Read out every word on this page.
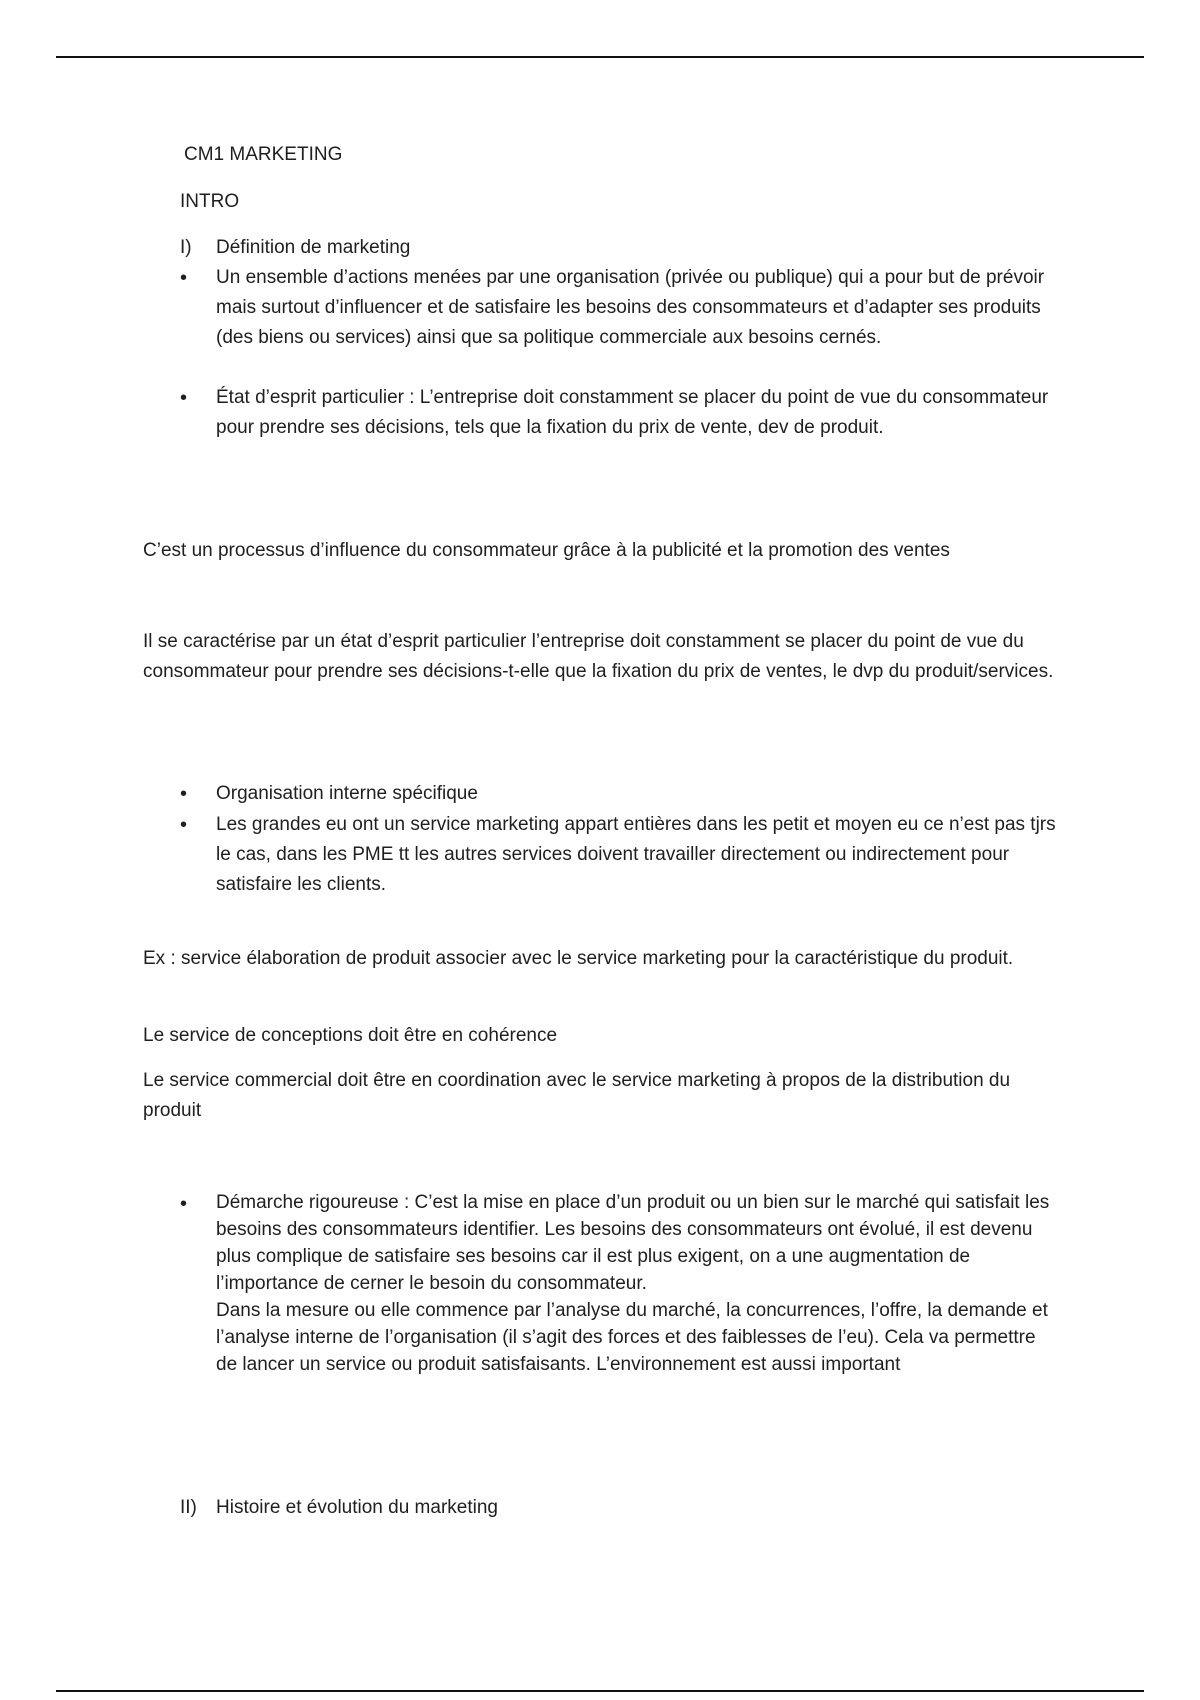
CM1 MARKETING
INTRO
I)	Définition de marketing
•	Un ensemble d’actions menées par une organisation (privée ou publique) qui a pour but de prévoir mais surtout d’influencer et de satisfaire les besoins des consommateurs et d’adapter ses produits (des biens ou services) ainsi que sa politique commerciale aux besoins cernés.
•	État d’esprit particulier : L’entreprise doit constamment se placer du point de vue du consommateur pour prendre ses décisions, tels que la fixation du prix de vente, dev de produit.

C’est un processus d’influence du consommateur grâce à la publicité et la promotion des ventes

Il se caractérise par un état d’esprit particulier l’entreprise doit constamment se placer du point de vue du consommateur pour prendre ses décisions-t-elle que la fixation du prix de ventes, le dvp du produit/services.

•	Organisation interne spécifique
•	Les grandes eu ont un service marketing appart entières dans les petit et moyen eu ce n’est pas tjrs le cas, dans les PME tt les autres services doivent travailler directement ou indirectement pour satisfaire les clients.

Ex : service élaboration de produit associer avec le service marketing pour la caractéristique du produit.

Le service de conceptions doit être en cohérence

Le service commercial doit être en coordination avec le service marketing à propos de la distribution du produit

•	Démarche rigoureuse : C’est la mise en place d’un produit ou un bien sur le marché qui satisfait les besoins des consommateurs identifier. Les besoins des consommateurs ont évolué, il est devenu plus complique de satisfaire ses besoins car il est plus exigent, on a une augmentation de l’importance de cerner le besoin du consommateur.
Dans la mesure ou elle commence par l’analyse du marché, la concurrences, l’offre, la demande et l’analyse interne de l’organisation (il s’agit des forces et des faiblesses de l’eu). Cela va permettre de lancer un service ou produit satisfaisants. L’environnement est aussi important
II)	Histoire et évolution du marketing
